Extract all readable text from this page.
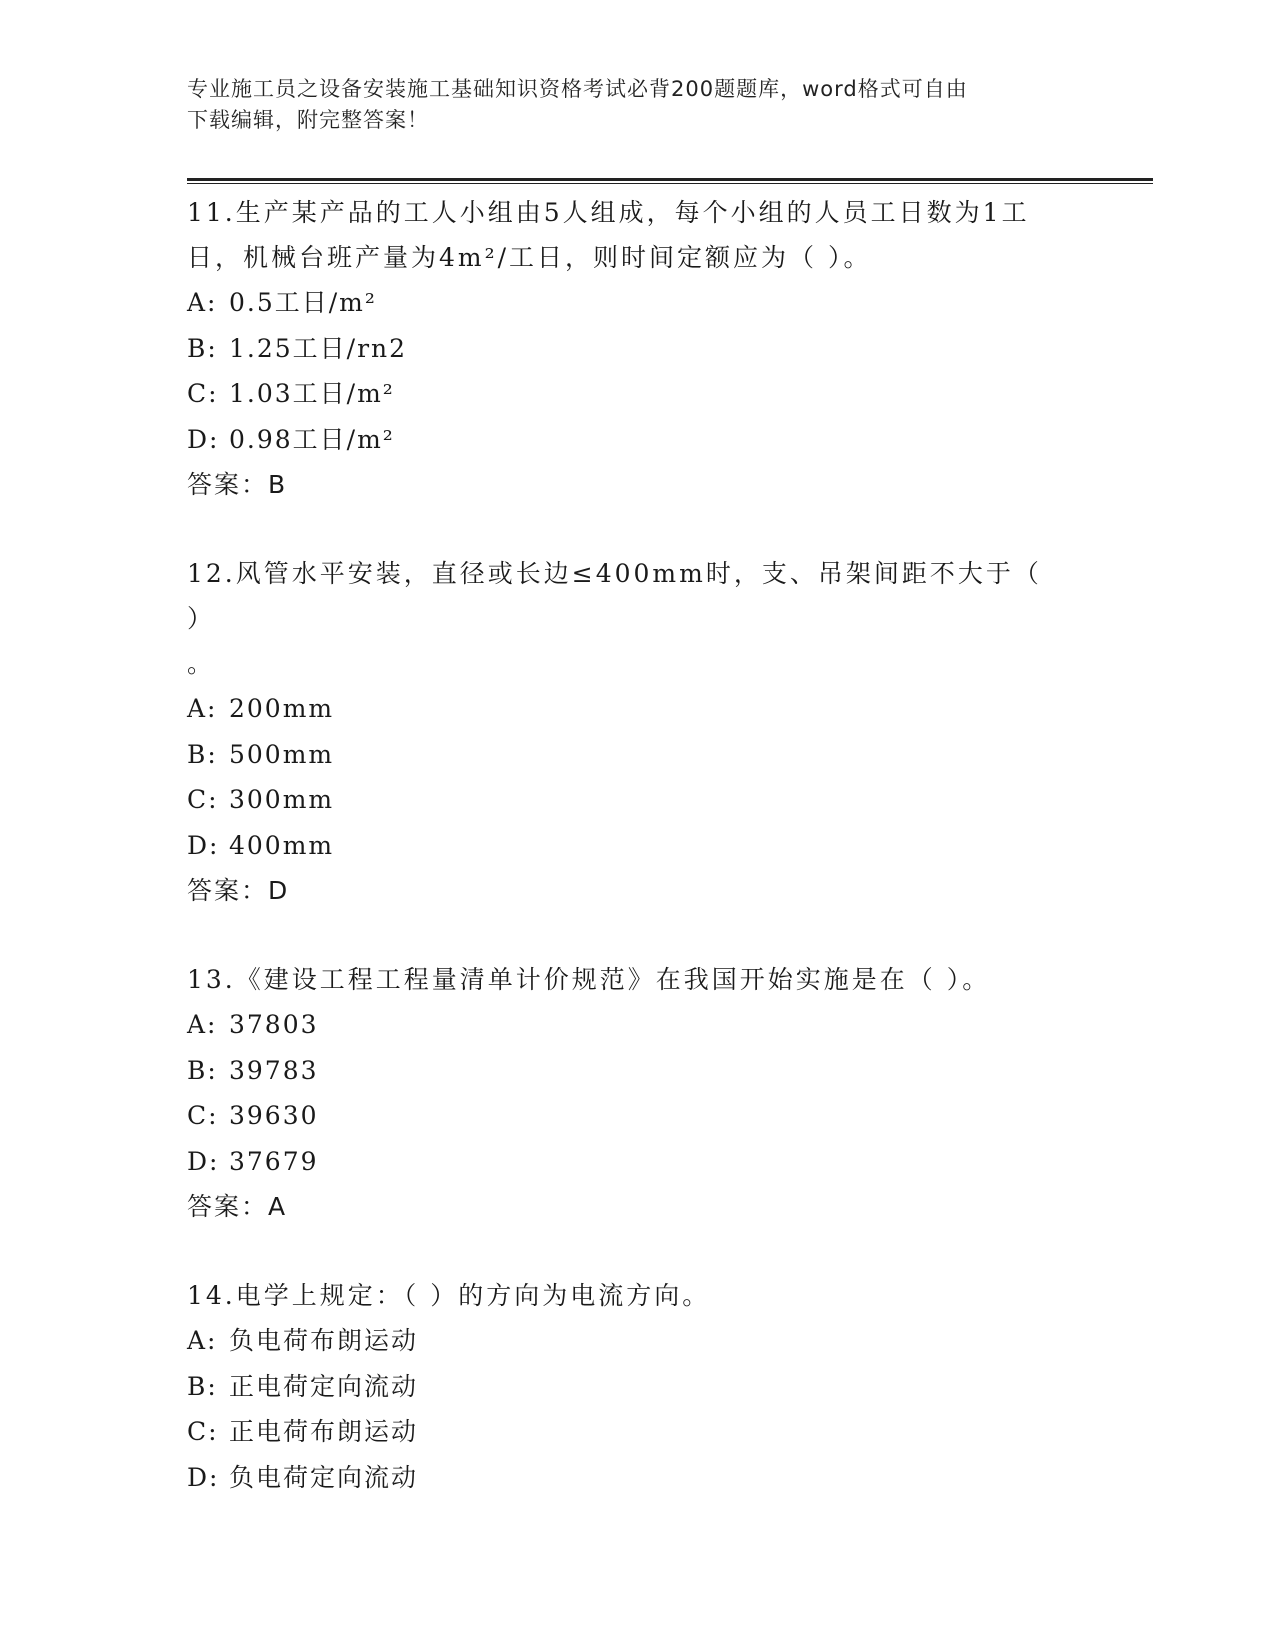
专业施工员之设备安装施工基础知识资格考试必背200题题库，word格式可自由
下载编辑，附完整答案！

11.生产某产品的工人小组由5人组成，每个小组的人员工日数为1工
日，机械台班产量为4m²/工日，则时间定额应为（ ）。

A: 0.5工日/m²

B: 1.25工日/rn2

C: 1.03工日/m²

D: 0.98工日/m²

答案：B

12.风管水平安装，直径或长边≤400mm时，支、吊架间距不大于（ ）
。

A: 200mm

B: 500mm

C: 300mm

D: 400mm

答案：D

13.《建设工程工程量清单计价规范》在我国开始实施是在（ ）。

A: 37803

B: 39783

C: 39630

D: 37679

答案：A

14.电学上规定：（ ）的方向为电流方向。

A: 负电荷布朗运动

B: 正电荷定向流动

C: 正电荷布朗运动

D: 负电荷定向流动
